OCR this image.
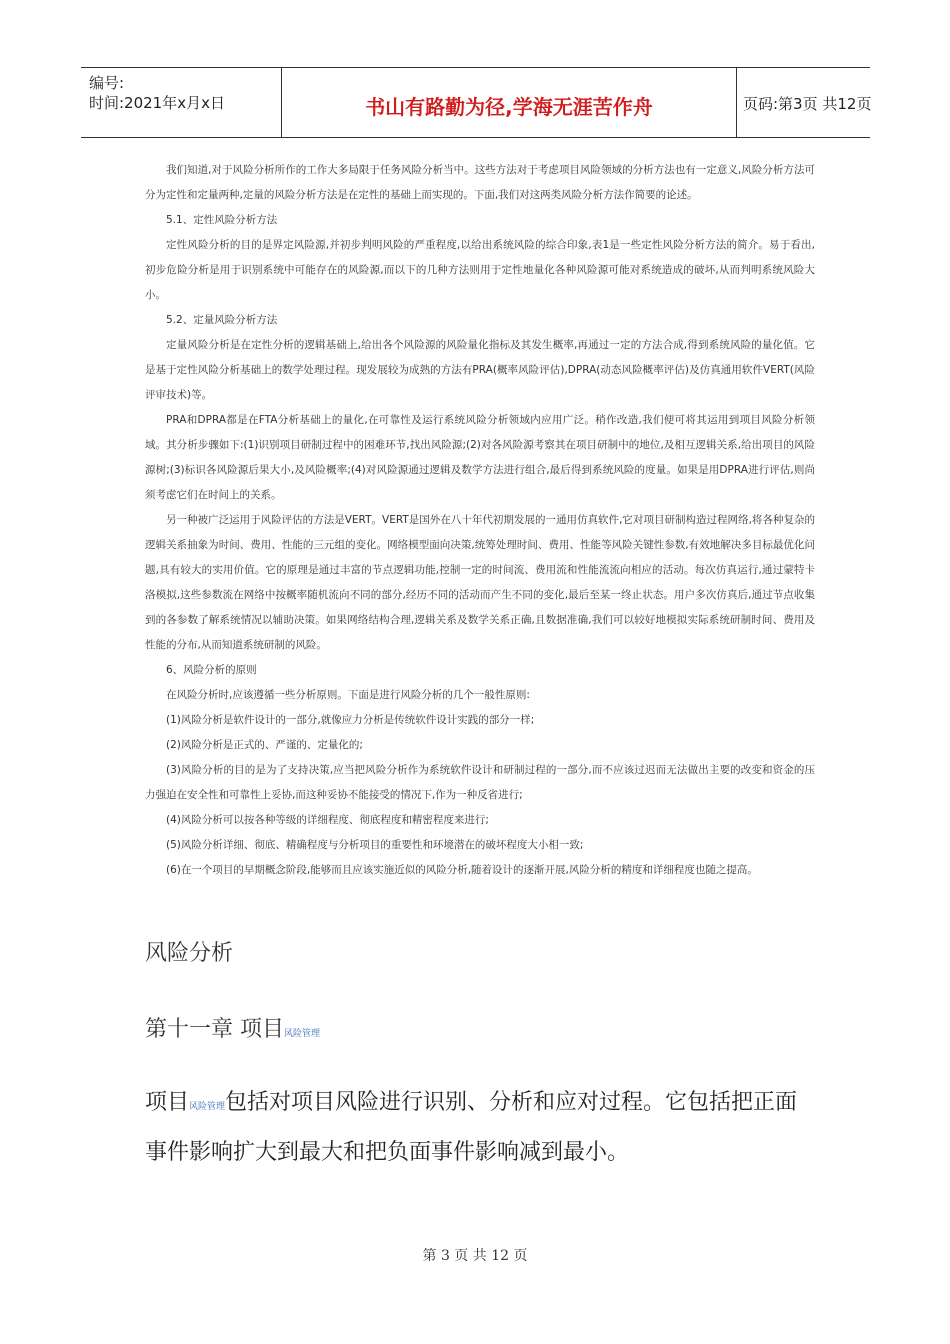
编号:
时间:2021年x月x日	书山有路勤为径,学海无涯苦作舟	页码:第3页 共12页

我们知道,对于风险分析所作的工作大多局限于任务风险分析当中。这些方法对于考虑项目风险领域的分析方法也有一定意义,风险分析方法可分为定性和定量两种,定量的风险分析方法是在定性的基础上而实现的。下面,我们对这两类风险分析方法作简要的论述。

5.1、定性风险分析方法

定性风险分析的目的是界定风险源,并初步判明风险的严重程度,以给出系统风险的综合印象,表1是一些定性风险分析方法的简介。易于看出,初步危险分析是用于识别系统中可能存在的风险源,而以下的几种方法则用于定性地量化各种风险源可能对系统造成的破坏,从而判明系统风险大小。

5.2、定量风险分析方法

定量风险分析是在定性分析的逻辑基础上,给出各个风险源的风险量化指标及其发生概率,再通过一定的方法合成,得到系统风险的量化值。它是基于定性风险分析基础上的数学处理过程。现发展较为成熟的方法有PRA(概率风险评估),DPRA(动态风险概率评估)及仿真通用软件VERT(风险评审技术)等。

PRA和DPRA都是在FTA分析基础上的量化,在可靠性及运行系统风险分析领域内应用广泛。稍作改造,我们便可将其运用到项目风险分析领域。其分析步骤如下:(1)识别项目研制过程中的困难环节,找出风险源;(2)对各风险源考察其在项目研制中的地位,及相互逻辑关系,给出项目的风险源树;(3)标识各风险源后果大小,及风险概率;(4)对风险源通过逻辑及数学方法进行组合,最后得到系统风险的度量。如果是用DPRA进行评估,则尚须考虑它们在时间上的关系。

另一种被广泛运用于风险评估的方法是VERT。VERT是国外在八十年代初期发展的一通用仿真软件,它对项目研制构造过程网络,将各种复杂的逻辑关系抽象为时间、费用、性能的三元组的变化。网络模型面向决策,统筹处理时间、费用、性能等风险关键性参数,有效地解决多目标最优化问题,具有较大的实用价值。它的原理是通过丰富的节点逻辑功能,控制一定的时间流、费用流和性能流流向相应的活动。每次仿真运行,通过蒙特卡洛模拟,这些参数流在网络中按概率随机流向不同的部分,经历不同的活动而产生不同的变化,最后至某一终止状态。用户多次仿真后,通过节点收集到的各参数了解系统情况以辅助决策。如果网络结构合理,逻辑关系及数学关系正确,且数据准确,我们可以较好地模拟实际系统研制时间、费用及性能的分布,从而知道系统研制的风险。

6、风险分析的原则

在风险分析时,应该遵循一些分析原则。下面是进行风险分析的几个一般性原则:

(1)风险分析是软件设计的一部分,就像应力分析是传统软件设计实践的部分一样;

(2)风险分析是正式的、严谨的、定量化的;

(3)风险分析的目的是为了支持决策,应当把风险分析作为系统软件设计和研制过程的一部分,而不应该过迟而无法做出主要的改变和资金的压力强迫在安全性和可靠性上妥协,而这种妥协不能接受的情况下,作为一种反省进行;

(4)风险分析可以按各种等级的详细程度、彻底程度和精密程度来进行;

(5)风险分析详细、彻底、精确程度与分析项目的重要性和环境潜在的破坏程度大小相一致;

(6)在一个项目的早期概念阶段,能够而且应该实施近似的风险分析,随着设计的逐渐开展,风险分析的精度和详细程度也随之提高。

风险分析
第十一章 项目风险管理
项目风险管理包括对项目风险进行识别、分析和应对过程。它包括把正面事件影响扩大到最大和把负面事件影响减到最小。
第 3 页 共 12 页
